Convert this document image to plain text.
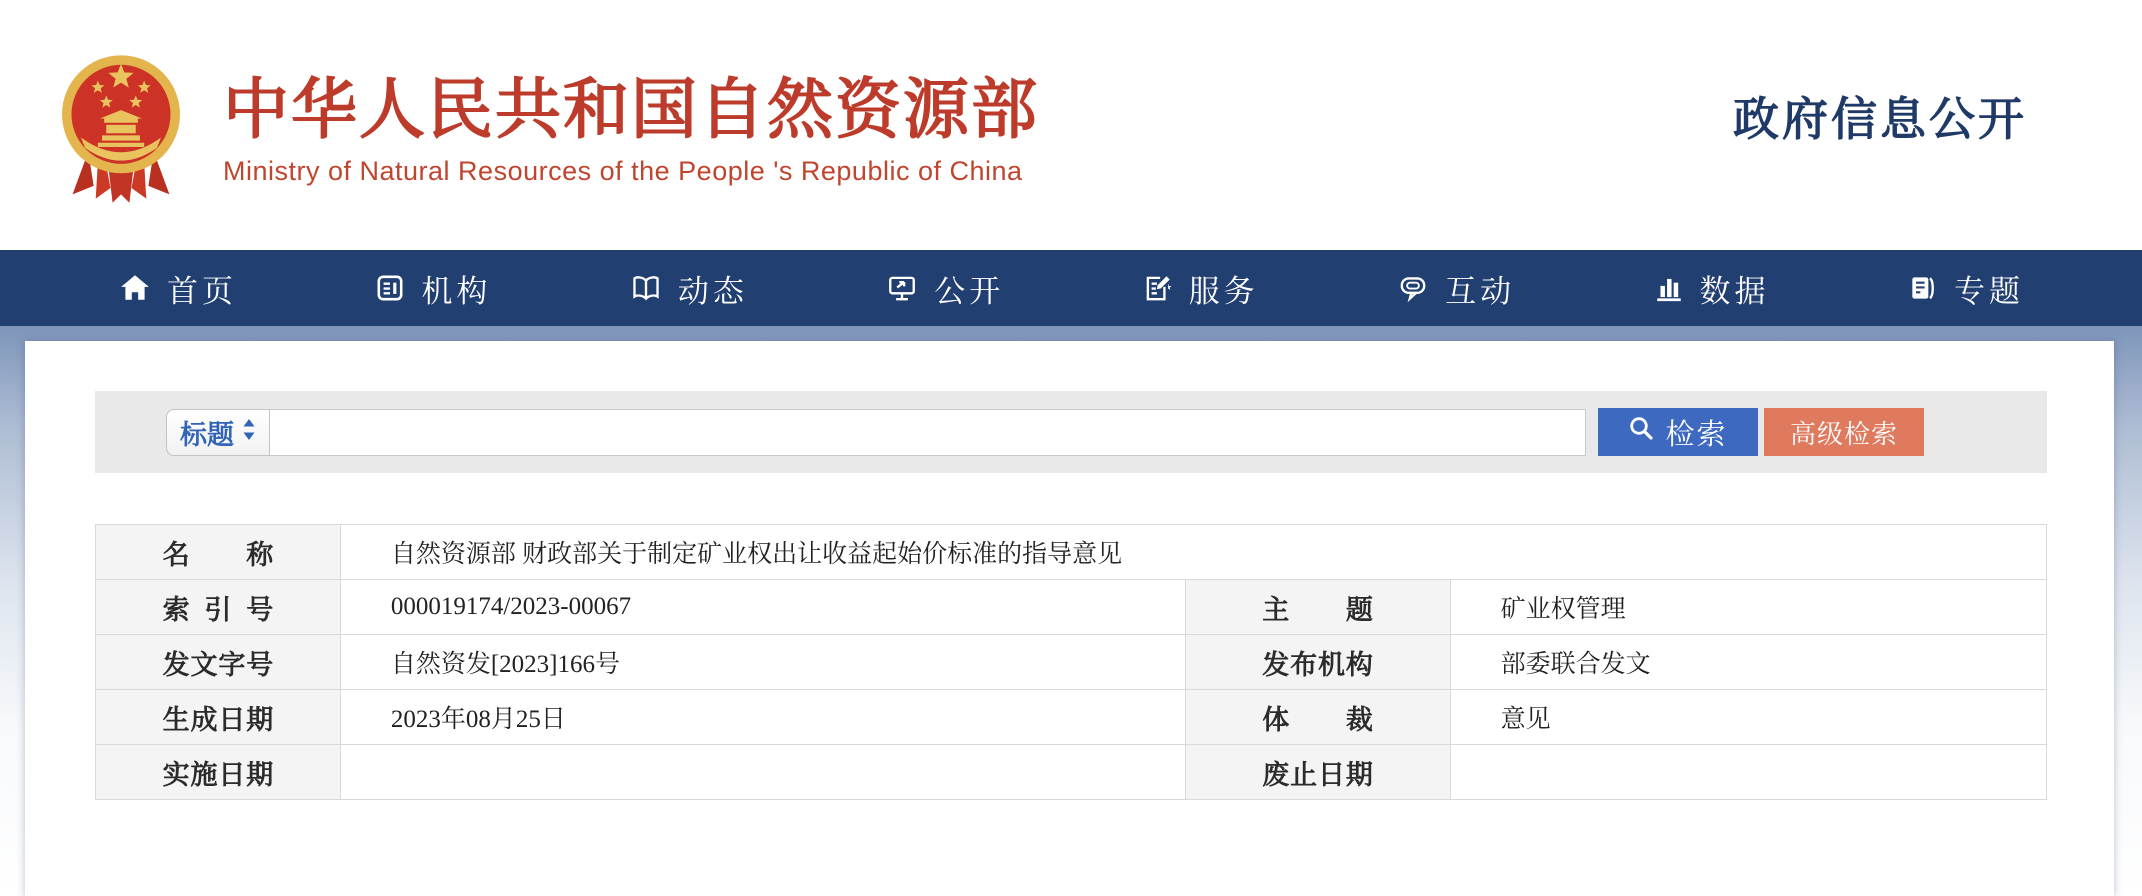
中华人民共和国自然资源部
Ministry of Natural Resources of the People 's Republic of China
政府信息公开
首页	机构	动态	公开	服务	互动	数据	专题
标题	检索 高级检索
名称	自然资源部 财政部关于制定矿业权出让收益起始价标准的指导意见		
索引号	000019174/2023-00067	主题	矿业权管理
发文字号	自然资发[2023]166号	发布机构	部委联合发文
生成日期	2023年08月25日	体裁	意见
实施日期		废止日期	
